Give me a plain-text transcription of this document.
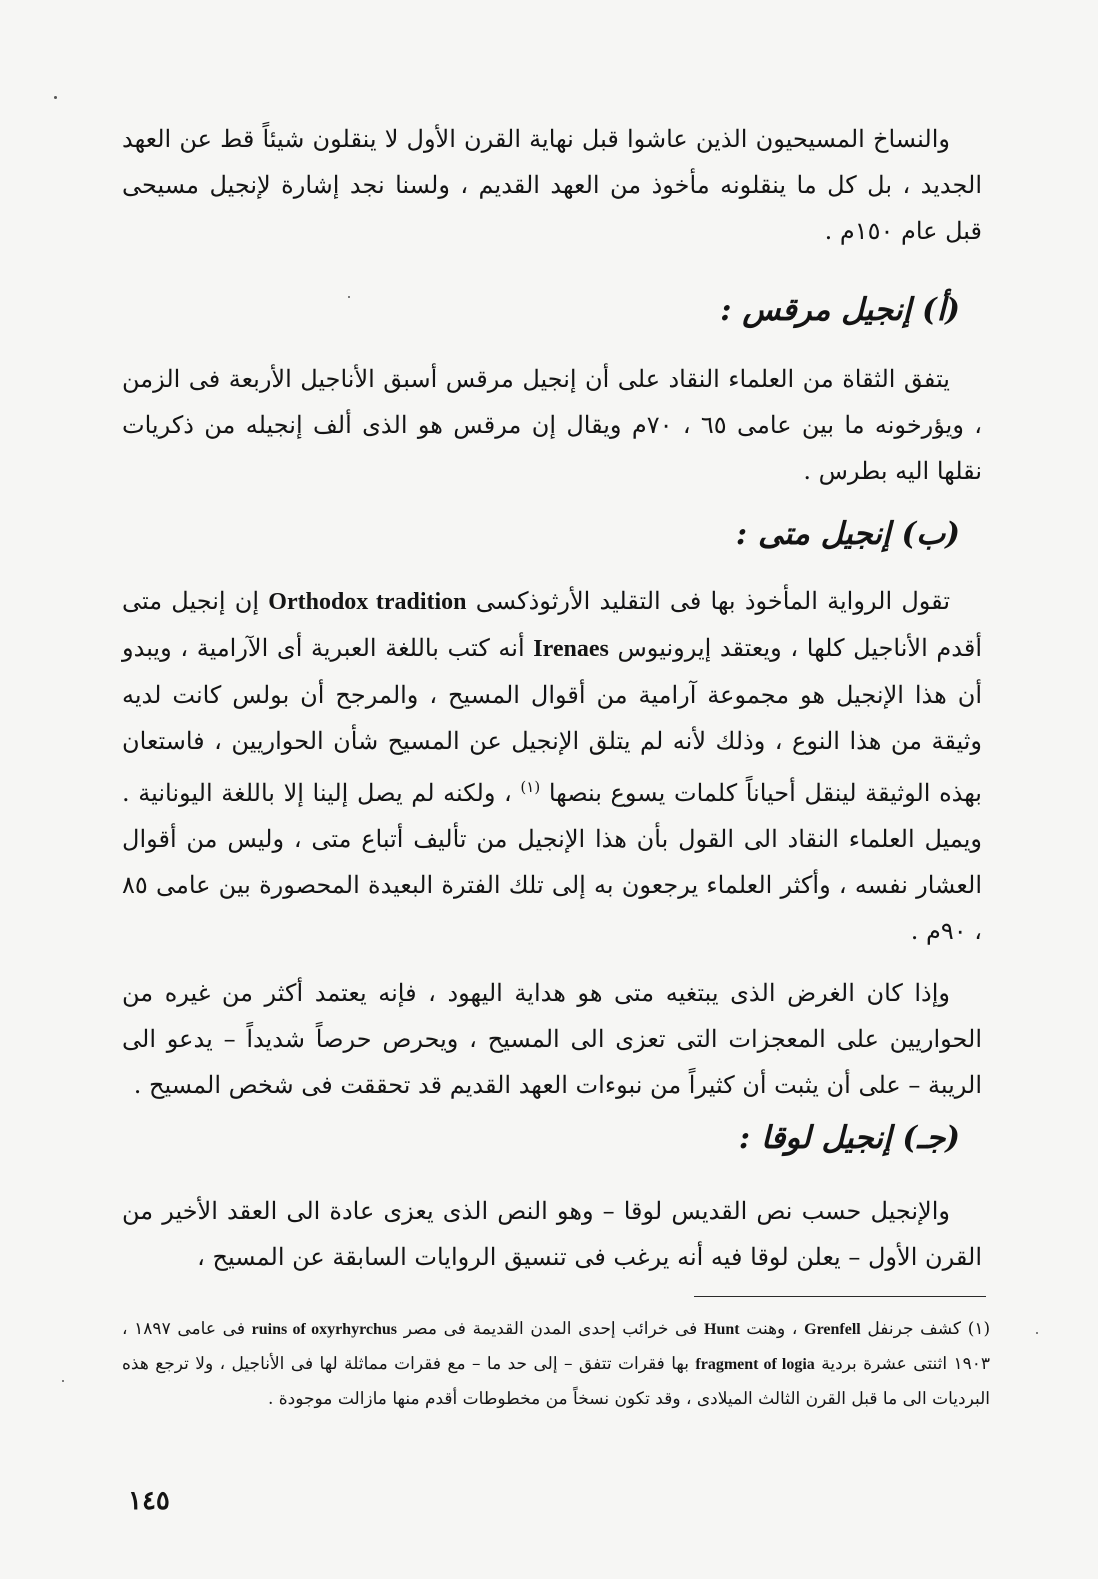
والنساخ المسيحيون الذين عاشوا قبل نهاية القرن الأول لا ينقلون شيئاً قط عن العهد الجديد ، بل كل ما ينقلونه مأخوذ من العهد القديم ، ولسنا نجد إشارة لإنجيل مسيحى قبل عام ١٥٠م .

(أ) إنجيل مرقس :

يتفق الثقاة من العلماء النقاد على أن إنجيل مرقس أسبق الأناجيل الأربعة فى الزمن ، ويؤرخونه ما بين عامى ٦٥ ، ٧٠م ويقال إن مرقس هو الذى ألف إنجيله من ذكريات نقلها اليه بطرس .

(ب) إنجيل متى :

تقول الرواية المأخوذ بها فى التقليد الأرثوذكسى Orthodox tradition إن إنجيل متى أقدم الأناجيل كلها ، ويعتقد إيرونيوس Irenaes أنه كتب باللغة العبرية أى الآرامية ، ويبدو أن هذا الإنجيل هو مجموعة آرامية من أقوال المسيح ، والمرجح أن بولس كانت لديه وثيقة من هذا النوع ، وذلك لأنه لم يتلق الإنجيل عن المسيح شأن الحواريين ، فاستعان بهذه الوثيقة لينقل أحياناً كلمات يسوع بنصها $^{(١)}$ ، ولكنه لم يصل إلينا إلا باللغة اليونانية . ويميل العلماء النقاد الى القول بأن هذا الإنجيل من تأليف أتباع متى ، وليس من أقوال العشار نفسه ، وأكثر العلماء يرجعون به إلى تلك الفترة البعيدة المحصورة بين عامى ٨٥ ، ٩٠م .

وإذا كان الغرض الذى يبتغيه متى هو هداية اليهود ، فإنه يعتمد أكثر من غيره من الحواريين على المعجزات التى تعزى الى المسيح ، ويحرص حرصاً شديداً – يدعو الى الريبة – على أن يثبت أن كثيراً من نبوءات العهد القديم قد تحققت فى شخص المسيح .

(جـ) إنجيل لوقا :

والإنجيل حسب نص القديس لوقا – وهو النص الذى يعزى عادة الى العقد الأخير من القرن الأول – يعلن لوقا فيه أنه يرغب فى تنسيق الروايات السابقة عن المسيح ،

(١) كشف جرنفل Grenfell ، وهنت Hunt فى خرائب إحدى المدن القديمة فى مصر ruins of oxyrhyrchus فى عامى ١٨٩٧ ، ١٩٠٣ اثنتى عشرة بردية fragment of logia بها فقرات تتفق – إلى حد ما – مع فقرات مماثلة لها فى الأناجيل ، ولا ترجع هذه البرديات الى ما قبل القرن الثالث الميلادى ، وقد تكون نسخاً من مخطوطات أقدم منها مازالت موجودة .

١٤٥
